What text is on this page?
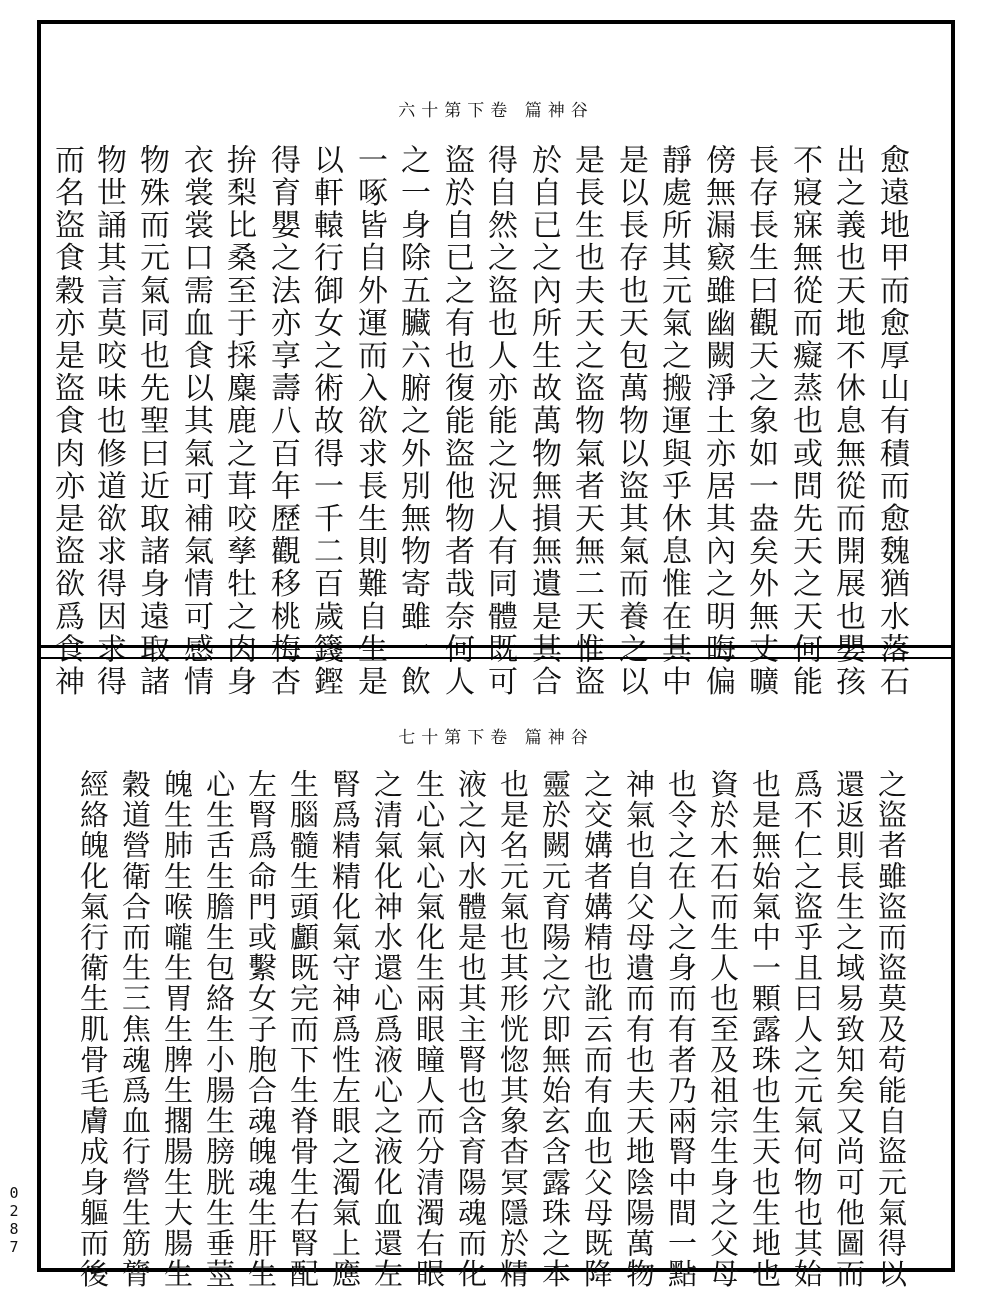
六十第下卷 篇神谷
愈遠地甲而愈厚山有積而愈魏猶水落石
出之義也天地不休息無從而開展也嬰孩
不寢寐無從而癡蒸也或問先天之天何能
長存長生曰觀天之象如一盎矣外無丈曠
傍無漏窽雖幽闕淨土亦居其內之明晦偏
靜處所其元氣之搬運與乎休息惟在其中
是以長存也天包萬物以盜其氣而養之以
是長生也夫天之盜物氣者天無二天惟盜
於自已之內所生故萬物無損無遺是其合
得自然之盜也人亦能之況人有同體既可
盜於自已之有也復能盜他物者哉奈何人
之一身除五臟六腑之外別無物寄雖一飲
一啄皆自外運而入欲求長生則難自生是
以軒轅行御女之術故得一千二百歲籛鏗
得育嬰之法亦享壽八百年歷觀移桃梅杏
拚梨比桑至于採麋鹿之茸咬孳牡之肉身
衣裳裳口需血食以其氣可補氣情可感情
物殊而元氣同也先聖曰近取諸身遠取諸
物世誦其言莫咬味也修道欲求得因求得
而名盜食穀亦是盜食肉亦是盜欲爲食神
七十第下卷 篇神谷
之盜者雖盜而盜莫及苟能自盜元氣得以
還返則長生之域易致知矣又尚可他圖而
爲不仁之盜乎且曰人之元氣何物也其始
也是無始氣中一顆露珠也生天也生地也
資於木石而生人也至及祖宗生身之父母
也令之在人之身而有者乃兩腎中間一點
神氣也自父母遺而有也夫天地陰陽萬物
之交媾者媾精也訛云而有血也父母既降
靈於闕元育陽之穴即無始玄含露珠之本
也是名元氣也其形恍惚其象杳冥隱於精
液之內水體是也其主腎也含育陽魂而化
生心氣心氣化生兩眼瞳人而分清濁右眼
之清氣化神水還心爲液心之液化血還左
腎爲精精化氣守神爲性左眼之濁氣上應
生腦髓生頭顱既完而下生脊骨生右腎配
左腎爲命門或繫女子胞合魂魄魂生肝生
心生舌生膽生包絡生小腸生膀胱生垂莖
魄生肺生喉嚨生胃生脾生擱腸生大腸生
穀道營衛合而生三焦魂爲血行營生筋膂
經絡魄化氣行衛生肌骨毛膚成身軀而後
0287
